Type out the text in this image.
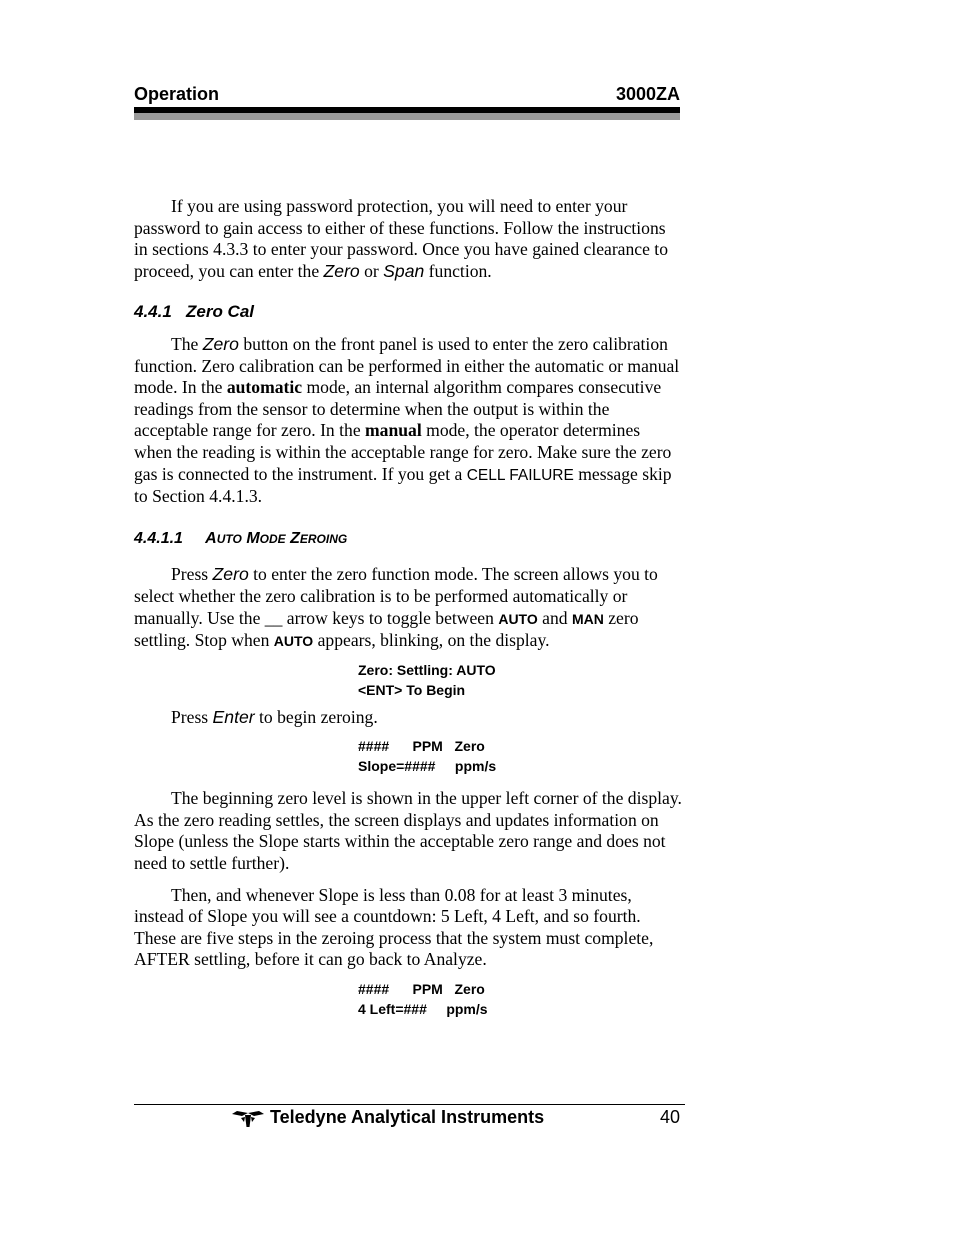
Operation	3000ZA

If you are using password protection, you will need to enter your password to gain access to either of these functions. Follow the instructions in sections 4.3.3 to enter your password. Once you have gained clearance to proceed, you can enter the Zero or Span function.

4.4.1 Zero Cal

The Zero button on the front panel is used to enter the zero calibration function. Zero calibration can be performed in either the automatic or manual mode. In the automatic mode, an internal algorithm compares consecutive readings from the sensor to determine when the output is within the acceptable range for zero. In the manual mode, the operator determines when the reading is within the acceptable range for zero. Make sure the zero gas is connected to the instrument. If you get a CELL FAILURE message skip to Section 4.4.1.3.

4.4.1.1 AUTO MODE ZEROING

Press Zero to enter the zero function mode. The screen allows you to select whether the zero calibration is to be performed automatically or manually. Use the __ arrow keys to toggle between AUTO and MAN zero settling. Stop when AUTO appears, blinking, on the display.

Zero: Settling: AUTO
<ENT> To Begin

Press Enter to begin zeroing.

####      PPM   Zero
Slope=####     ppm/s

The beginning zero level is shown in the upper left corner of the display. As the zero reading settles, the screen displays and updates information on Slope (unless the Slope starts within the acceptable zero range and does not need to settle further).

Then, and whenever Slope is less than 0.08 for at least 3 minutes, instead of Slope you will see a countdown: 5 Left, 4 Left, and so fourth. These are five steps in the zeroing process that the system must complete, AFTER settling, before it can go back to Analyze.

####      PPM   Zero
4 Left=###     ppm/s
Teledyne Analytical Instruments	40
